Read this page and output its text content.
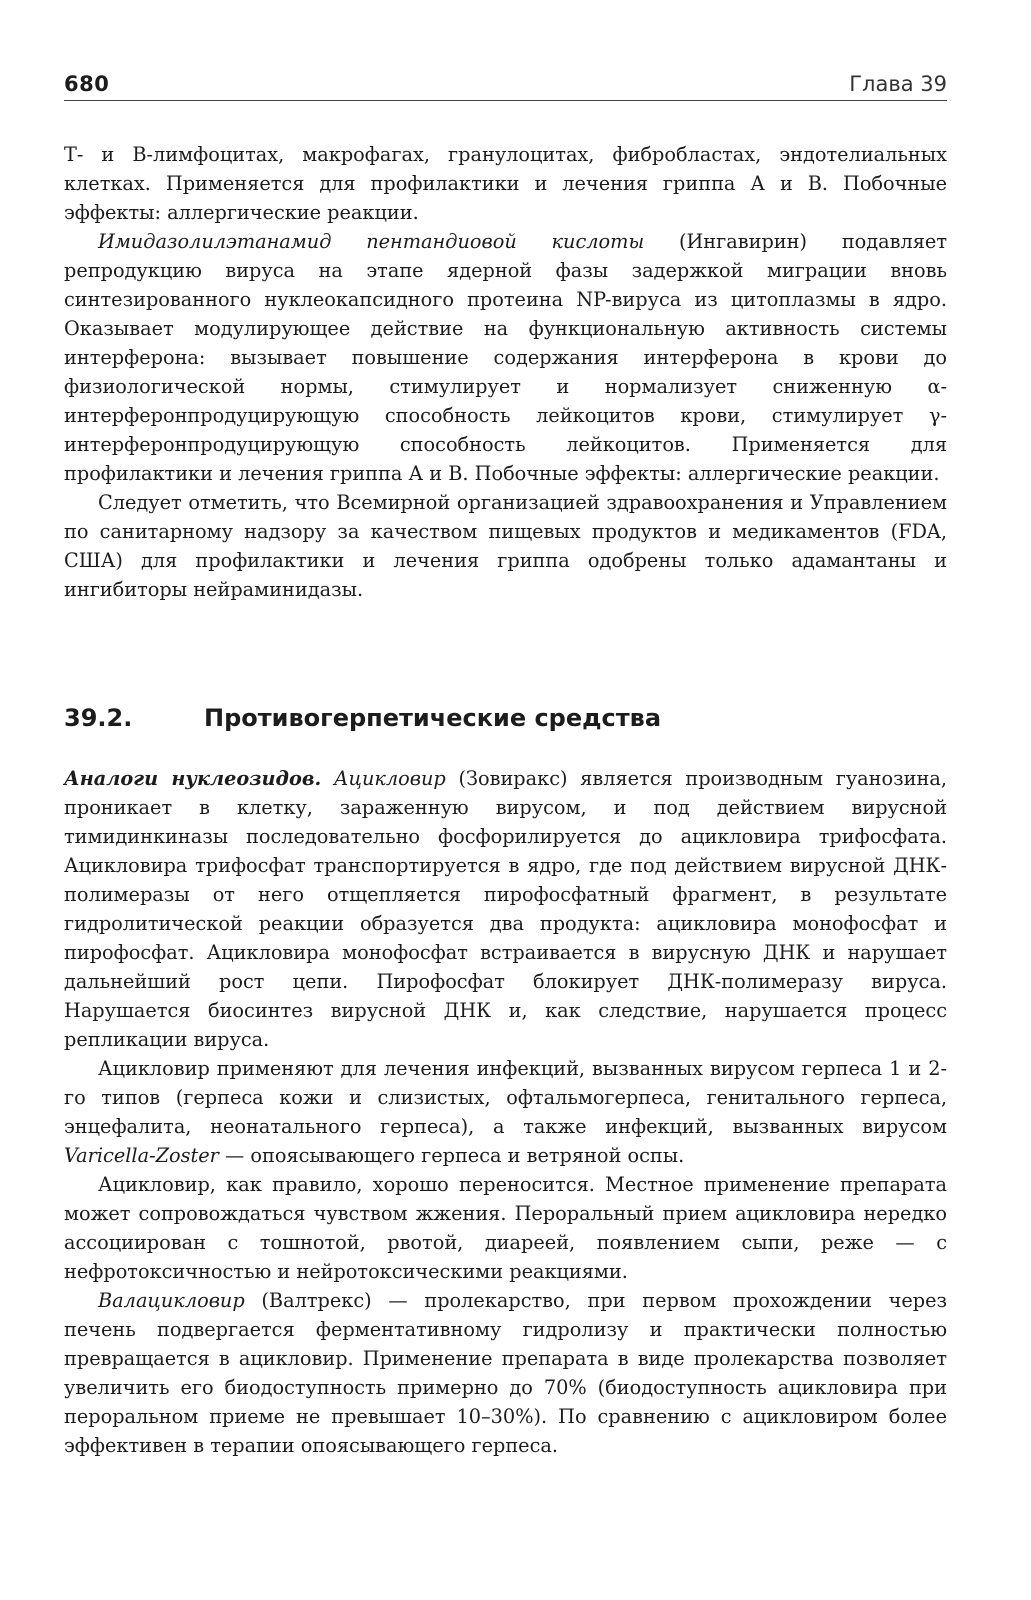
680	Глава 39

Т- и В-лимфоцитах, макрофагах, гранулоцитах, фибробластах, эндотелиальных клетках. Применяется для профилактики и лечения гриппа А и В. Побочные эффекты: аллергические реакции.

Имидазолилэтанамид пентандиовой кислоты (Ингавирин) подавляет репродукцию вируса на этапе ядерной фазы задержкой миграции вновь синтезированного нуклеокапсидного протеина NP-вируса из цитоплазмы в ядро. Оказывает модулирующее действие на функциональную активность системы интерферона: вызывает повышение содержания интерферона в крови до физиологической нормы, стимулирует и нормализует сниженную α-интерферонпродуцирующую способность лейкоцитов крови, стимулирует γ-интерферонпродуцирующую способность лейкоцитов. Применяется для профилактики и лечения гриппа А и В. Побочные эффекты: аллергические реакции.

Следует отметить, что Всемирной организацией здравоохранения и Управлением по санитарному надзору за качеством пищевых продуктов и медикаментов (FDA, США) для профилактики и лечения гриппа одобрены только адамантаны и ингибиторы нейраминидазы.

39.2.	Противогерпетические средства

Аналоги нуклеозидов. Ацикловир (Зовиракс) является производным гуанозина, проникает в клетку, зараженную вирусом, и под действием вирусной тимидинкиназы последовательно фосфорилируется до ацикловира трифосфата. Ацикловира трифосфат транспортируется в ядро, где под действием вирусной ДНК-полимеразы от него отщепляется пирофосфатный фрагмент, в результате гидролитической реакции образуется два продукта: ацикловира монофосфат и пирофосфат. Ацикловира монофосфат встраивается в вирусную ДНК и нарушает дальнейший рост цепи. Пирофосфат блокирует ДНК-полимеразу вируса. Нарушается биосинтез вирусной ДНК и, как следствие, нарушается процесс репликации вируса.

Ацикловир применяют для лечения инфекций, вызванных вирусом герпеса 1 и 2-го типов (герпеса кожи и слизистых, офтальмогерпеса, генитального герпеса, энцефалита, неонатального герпеса), а также инфекций, вызванных вирусом Varicella-Zoster — опоясывающего герпеса и ветряной оспы.

Ацикловир, как правило, хорошо переносится. Местное применение препарата может сопровождаться чувством жжения. Пероральный прием ацикловира нередко ассоциирован с тошнотой, рвотой, диареей, появлением сыпи, реже — с нефротоксичностью и нейротоксическими реакциями.

Валацикловир (Валтрекс) — пролекарство, при первом прохождении через печень подвергается ферментативному гидролизу и практически полностью превращается в ацикловир. Применение препарата в виде пролекарства позволяет увеличить его биодоступность примерно до 70% (биодоступность ацикловира при пероральном приеме не превышает 10–30%). По сравнению с ацикловиром более эффективен в терапии опоясывающего герпеса.
